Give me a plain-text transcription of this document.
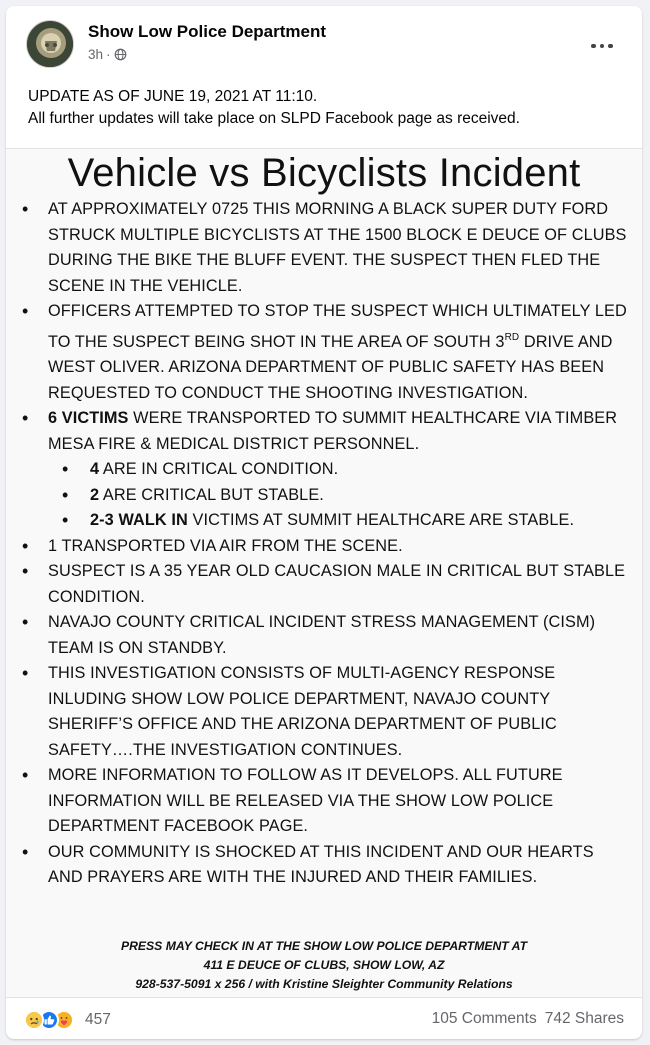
Show Low Police Department
3h ·
UPDATE AS OF JUNE 19, 2021 AT 11:10.
All further updates will take place on SLPD Facebook page as received.
Vehicle vs Bicyclists Incident
• AT APPROXIMATELY 0725 THIS MORNING A BLACK SUPER DUTY FORD STRUCK MULTIPLE BICYCLISTS AT THE 1500 BLOCK E DEUCE OF CLUBS DURING THE BIKE THE BLUFF EVENT. THE SUSPECT THEN FLED THE SCENE IN THE VEHICLE.
• OFFICERS ATTEMPTED TO STOP THE SUSPECT WHICH ULTIMATELY LED TO THE SUSPECT BEING SHOT IN THE AREA OF SOUTH 3RD DRIVE AND WEST OLIVER. ARIZONA DEPARTMENT OF PUBLIC SAFETY HAS BEEN REQUESTED TO CONDUCT THE SHOOTING INVESTIGATION.
• 6 VICTIMS WERE TRANSPORTED TO SUMMIT HEALTHCARE VIA TIMBER MESA FIRE & MEDICAL DISTRICT PERSONNEL.
• 4 ARE IN CRITICAL CONDITION.
• 2 ARE CRITICAL BUT STABLE.
• 2-3 WALK IN VICTIMS AT SUMMIT HEALTHCARE ARE STABLE.
• 1 TRANSPORTED VIA AIR FROM THE SCENE.
• SUSPECT IS A 35 YEAR OLD CAUCASION MALE IN CRITICAL BUT STABLE CONDITION.
• NAVAJO COUNTY CRITICAL INCIDENT STRESS MANAGEMENT (CISM) TEAM IS ON STANDBY.
• THIS INVESTIGATION CONSISTS OF MULTI-AGENCY RESPONSE INLUDING SHOW LOW POLICE DEPARTMENT, NAVAJO COUNTY SHERIFF’S OFFICE AND THE ARIZONA DEPARTMENT OF PUBLIC SAFETY….THE INVESTIGATION CONTINUES.
• MORE INFORMATION TO FOLLOW AS IT DEVELOPS. ALL FUTURE INFORMATION WILL BE RELEASED VIA THE SHOW LOW POLICE DEPARTMENT FACEBOOK PAGE.
• OUR COMMUNITY IS SHOCKED AT THIS INCIDENT AND OUR HEARTS AND PRAYERS ARE WITH THE INJURED AND THEIR FAMILIES.
PRESS MAY CHECK IN AT THE SHOW LOW POLICE DEPARTMENT AT
411 E DEUCE OF CLUBS, SHOW LOW, AZ
928-537-5091 x 256 / with Kristine Sleighter Community Relations
457	105 Comments 742 Shares
